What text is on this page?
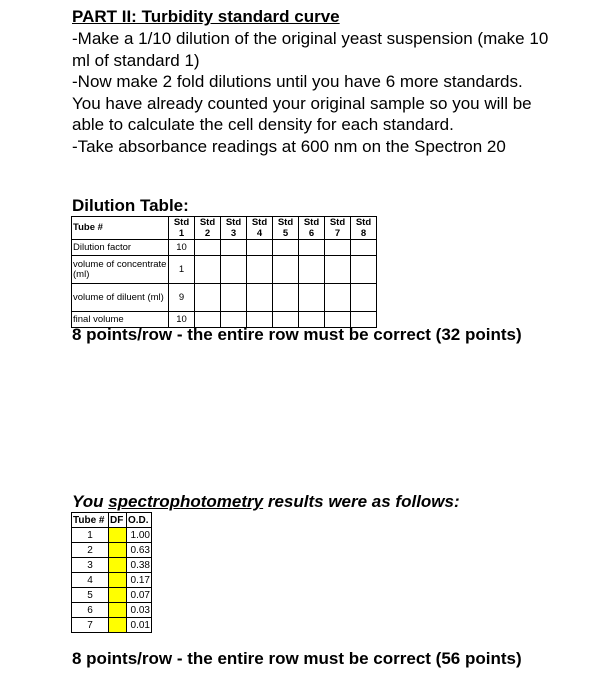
PART II: Turbidity standard curve
-Make a 1/10 dilution of the original yeast suspension (make 10 ml of standard 1)
-Now make 2 fold dilutions until you have 6 more standards. You have already counted your original sample so you will be able to calculate the cell density for each standard.
-Take absorbance readings at 600 nm on the Spectron 20
Dilution Table:
Tube #	Std 1	Std 2	Std 3	Std 4	Std 5	Std 6	Std 7	Std 8
Dilution factor	10							
volume of concentrate (ml)	1							
volume of diluent (ml)	9							
final volume	10							
8 points/row - the entire row must be correct (32 points)
You spectrophotometry results were as follows:
Tube #	DF	O.D.
1		1.00
2		0.63
3		0.38
4		0.17
5		0.07
6		0.03
7		0.01
8 points/row - the entire row must be correct (56 points)
